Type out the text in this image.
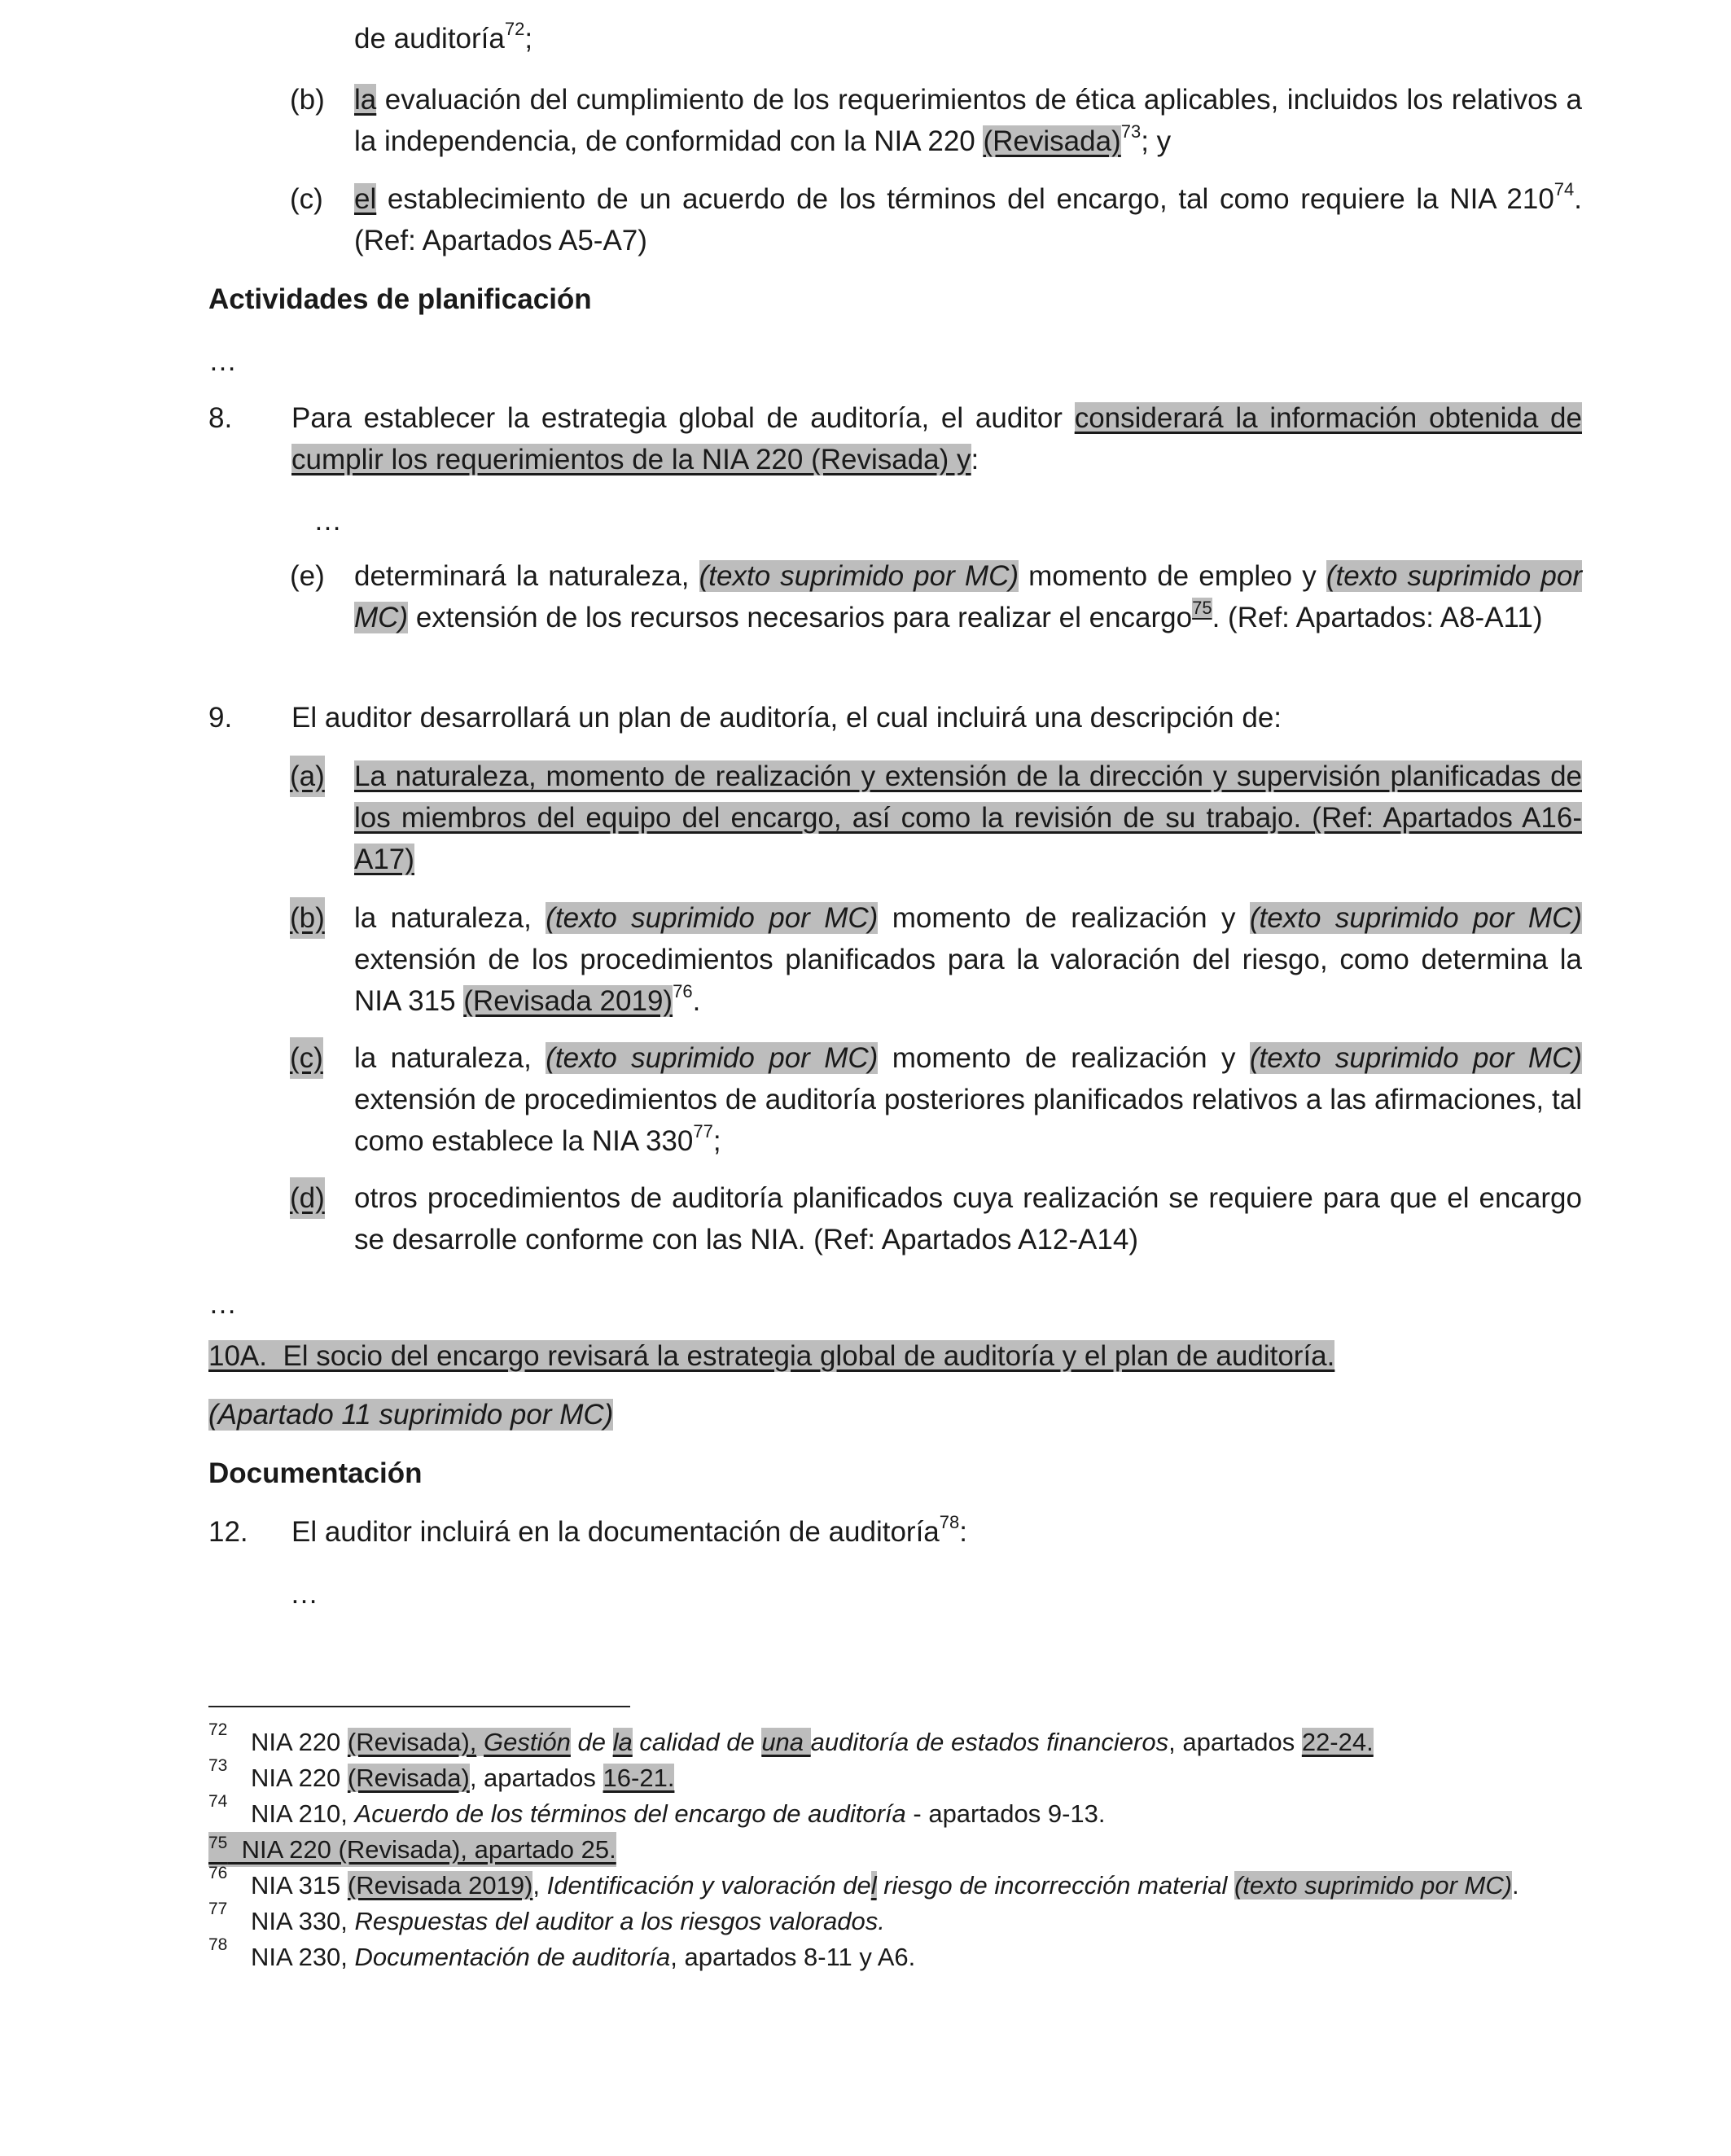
de auditoría$^{72}$;
(b) la evaluación del cumplimiento de los requerimientos de ética aplicables, incluidos los relativos a la independencia, de conformidad con la NIA 220 (Revisada)$^{73}$; y
(c) el establecimiento de un acuerdo de los términos del encargo, tal como requiere la NIA $210^{74}$. (Ref: Apartados A5-A7)
Actividades de planificación
…
8. Para establecer la estrategia global de auditoría, el auditor considerará la información obtenida de cumplir los requerimientos de la NIA 220 (Revisada) y:
…
(e) determinará la naturaleza, (texto suprimido por MC) momento de empleo y (texto suprimido por MC) extensión de los recursos necesarios para realizar el encargo$^{75}$. (Ref: Apartados: A8-A11)
9. El auditor desarrollará un plan de auditoría, el cual incluirá una descripción de:
(a) La naturaleza, momento de realización y extensión de la dirección y supervisión planificadas de los miembros del equipo del encargo, así como la revisión de su trabajo. (Ref: Apartados A16-A17)
(b) la naturaleza, (texto suprimido por MC) momento de realización y (texto suprimido por MC) extensión de los procedimientos planificados para la valoración del riesgo, como determina la NIA 315 (Revisada 2019)$^{76}$.
(c) la naturaleza, (texto suprimido por MC) momento de realización y (texto suprimido por MC) extensión de procedimientos de auditoría posteriores planificados relativos a las afirmaciones, tal como establece la NIA $330^{77}$;
(d) otros procedimientos de auditoría planificados cuya realización se requiere para que el encargo se desarrolle conforme con las NIA. (Ref: Apartados A12-A14)
…
10A.  El socio del encargo revisará la estrategia global de auditoría y el plan de auditoría.
(Apartado 11 suprimido por MC)
Documentación
12. El auditor incluirá en la documentación de auditoría$^{78}$:
…
72 NIA 220 (Revisada), Gestión de la calidad de una auditoría de estados financieros, apartados 22-24.
73 NIA 220 (Revisada), apartados 16-21.
74 NIA 210, Acuerdo de los términos del encargo de auditoría - apartados 9-13.
$^{75}$  NIA 220 (Revisada), apartado 25.
76 NIA 315 (Revisada 2019), Identificación y valoración del riesgo de incorrección material (texto suprimido por MC).
77 NIA 330, Respuestas del auditor a los riesgos valorados.
78 NIA 230, Documentación de auditoría, apartados 8-11 y A6.
